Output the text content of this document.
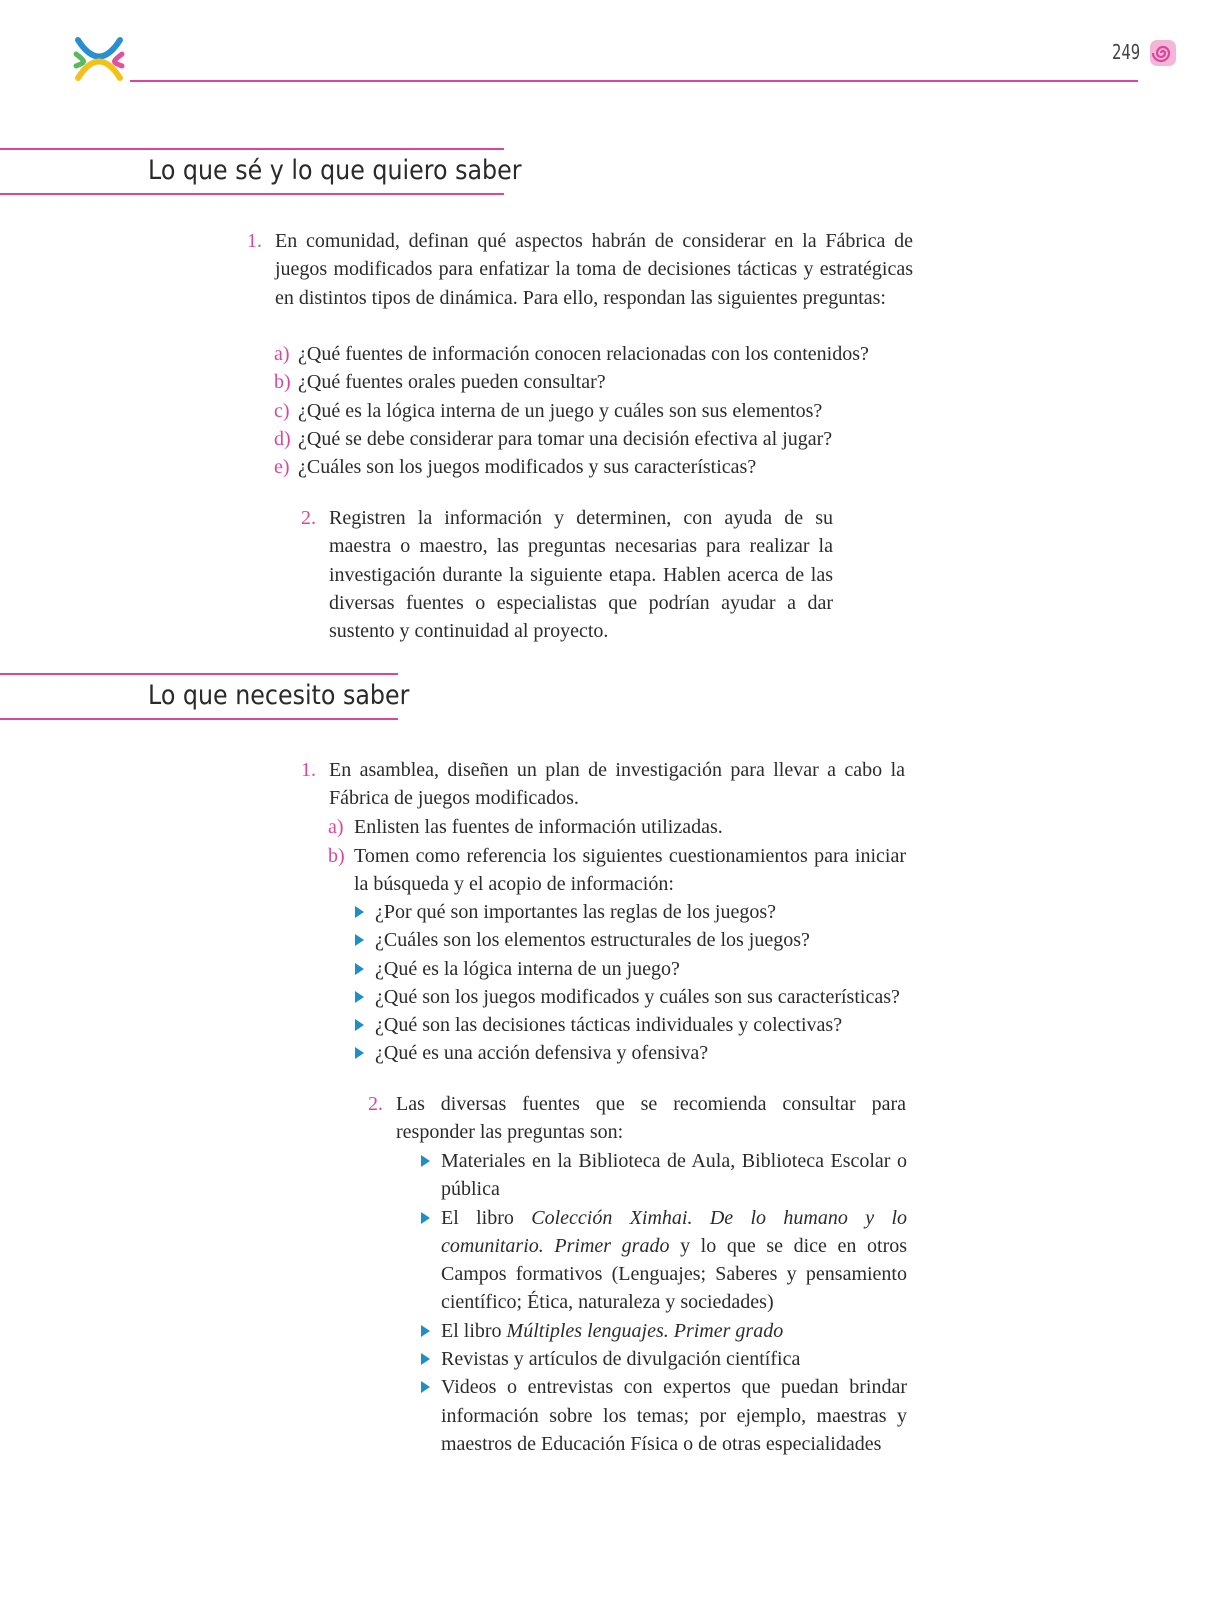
249
Lo que sé y lo que quiero saber
1. En comunidad, definan qué aspectos habrán de considerar en la Fábrica de juegos modificados para enfatizar la toma de decisiones tácticas y estratégicas en distintos tipos de dinámica. Para ello, respondan las siguientes preguntas:
a) ¿Qué fuentes de información conocen relacionadas con los contenidos?
b) ¿Qué fuentes orales pueden consultar?
c) ¿Qué es la lógica interna de un juego y cuáles son sus elementos?
d) ¿Qué se debe considerar para tomar una decisión efectiva al jugar?
e) ¿Cuáles son los juegos modificados y sus características?
2. Registren la información y determinen, con ayuda de su maestra o maestro, las preguntas necesarias para realizar la investigación durante la siguiente etapa. Hablen acerca de las diversas fuentes o especialistas que podrían ayudar a dar sustento y continuidad al proyecto.
Lo que necesito saber
1. En asamblea, diseñen un plan de investigación para llevar a cabo la Fábrica de juegos modificados.
a) Enlisten las fuentes de información utilizadas.
b) Tomen como referencia los siguientes cuestionamientos para iniciar la búsqueda y el acopio de información:
¿Por qué son importantes las reglas de los juegos?
¿Cuáles son los elementos estructurales de los juegos?
¿Qué es la lógica interna de un juego?
¿Qué son los juegos modificados y cuáles son sus características?
¿Qué son las decisiones tácticas individuales y colectivas?
¿Qué es una acción defensiva y ofensiva?
2. Las diversas fuentes que se recomienda consultar para responder las preguntas son:
Materiales en la Biblioteca de Aula, Biblioteca Escolar o pública
El libro Colección Ximhai. De lo humano y lo comunitario. Primer grado y lo que se dice en otros Campos formativos (Lenguajes; Saberes y pensamiento científico; Ética, naturaleza y sociedades)
El libro Múltiples lenguajes. Primer grado
Revistas y artículos de divulgación científica
Videos o entrevistas con expertos que puedan brindar información sobre los temas; por ejemplo, maestras y maestros de Educación Física o de otras especialidades
